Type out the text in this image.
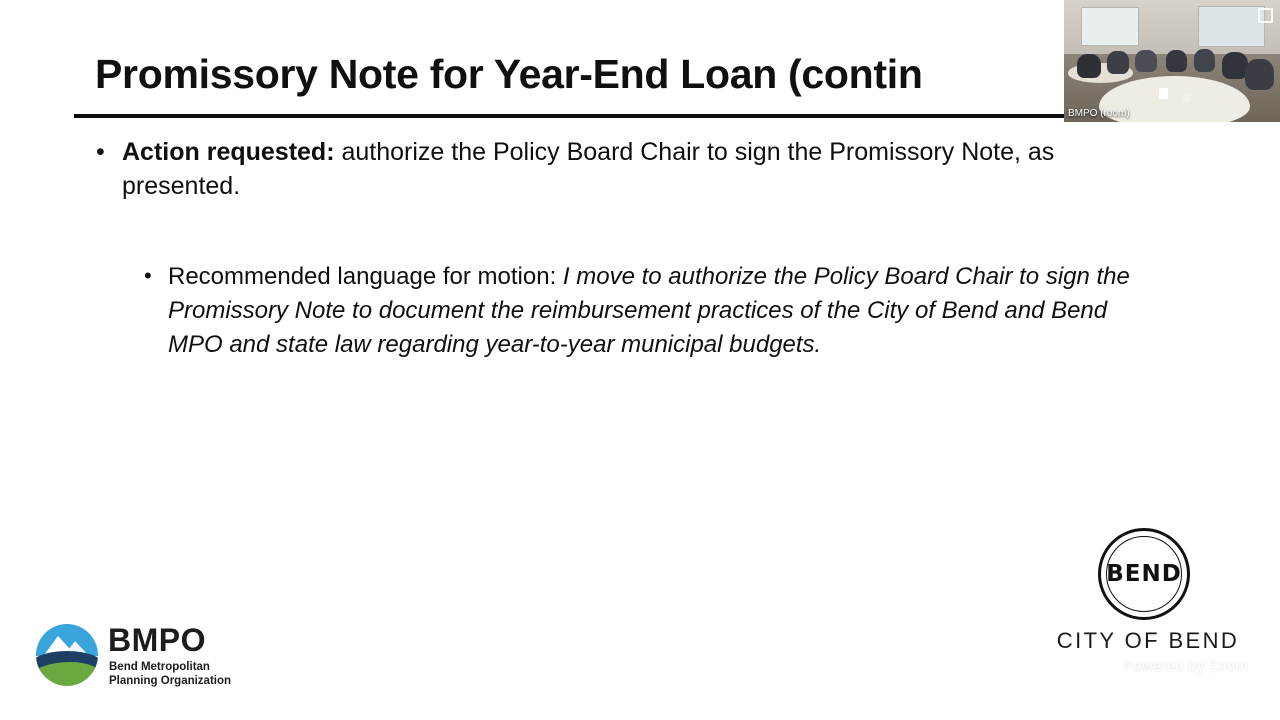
Promissory Note for Year-End Loan (contin
• Action requested: authorize the Policy Board Chair to sign the Promissory Note, as presented.
• Recommended language for motion: I move to authorize the Policy Board Chair to sign the Promissory Note to document the reimbursement practices of the City of Bend and Bend MPO and state law regarding year-to-year municipal budgets.
BMPO
Bend Metropolitan
Planning Organization
BEND
CITY OF BEND
BMPO (room)
Powered by Zoom
